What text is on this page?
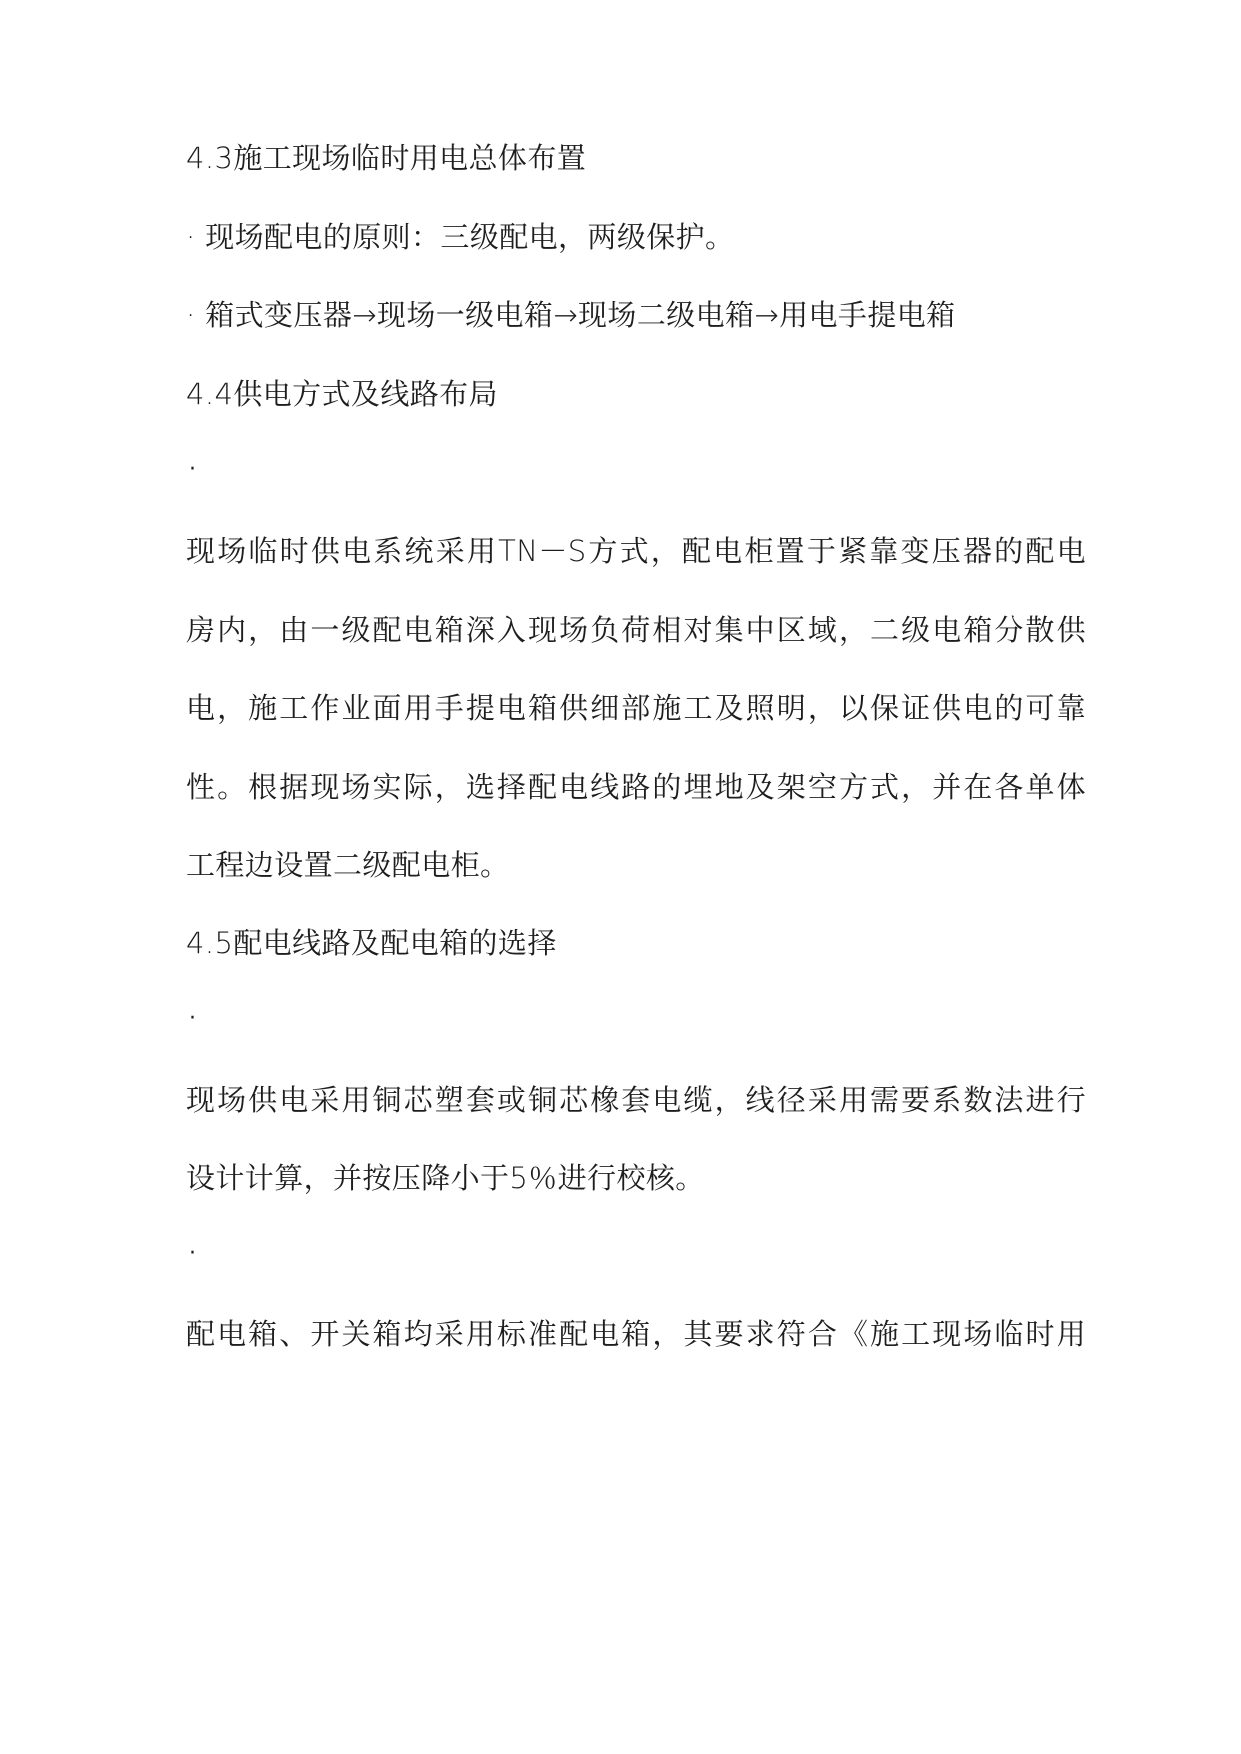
4.3施工现场临时用电总体布置
· 现场配电的原则：三级配电，两级保护。
· 箱式变压器→现场一级电箱→现场二级电箱→用电手提电箱
4.4供电方式及线路布局
·
现场临时供电系统采用TN－S方式，配电柜置于紧靠变压器的配电
房内，由一级配电箱深入现场负荷相对集中区域，二级电箱分散供
电，施工作业面用手提电箱供细部施工及照明，以保证供电的可靠
性。根据现场实际，选择配电线路的埋地及架空方式，并在各单体
工程边设置二级配电柜。
4.5配电线路及配电箱的选择
·
现场供电采用铜芯塑套或铜芯橡套电缆，线径采用需要系数法进行
设计计算，并按压降小于5％进行校核。
·
配电箱、开关箱均采用标准配电箱，其要求符合《施工现场临时用
